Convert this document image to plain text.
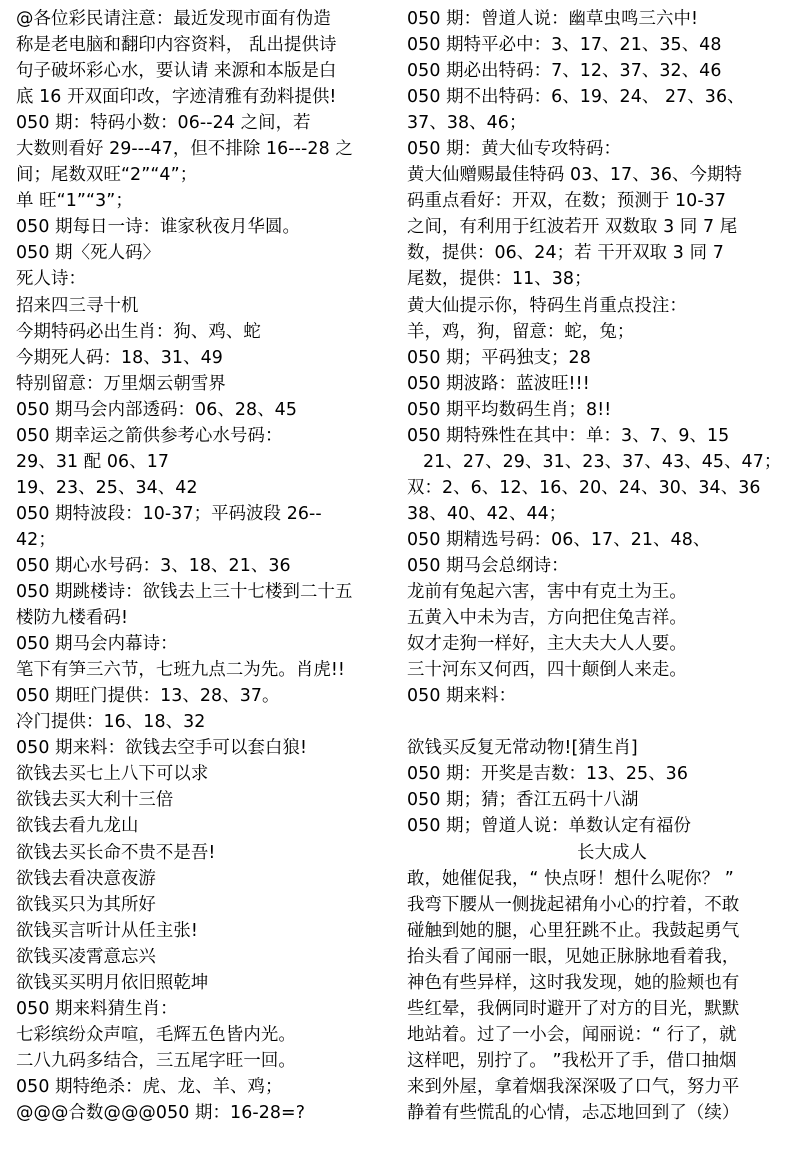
@各位彩民请注意：最近发现市面有伪造
称是老电脑和翻印内容资料， 乱出提供诗
句子破坏彩心水，要认请 来源和本版是白
底 16 开双面印改，字迹清雅有劲料提供!
050 期：特码小数：06--24 之间，若
大数则看好 29---47，但不排除 16---28 之
间；尾数双旺“2”“4”；
单 旺“1”“3”；
050 期每日一诗：谁家秋夜月华圆。
050 期〈死人码〉
死人诗：
招来四三寻十机
今期特码必出生肖：狗、鸡、蛇
今期死人码：18、31、49
特别留意：万里烟云朝雪界
050 期马会内部透码：06、28、45
050 期幸运之箭供参考心水号码：
29、31 配 06、17
19、23、25、34、42
050 期特波段：10-37；平码波段 26--
42；
050 期心水号码：3、18、21、36
050 期跳楼诗：欲钱去上三十七楼到二十五
楼防九楼看码!
050 期马会内幕诗：
笔下有笋三六节，七班九点二为先。肖虎!!
050 期旺门提供：13、28、37。
冷门提供：16、18、32
050 期来料：欲钱去空手可以套白狼!
欲钱去买七上八下可以求
欲钱去买大利十三倍
欲钱去看九龙山
欲钱去买长命不贵不是吾!
欲钱去看决意夜游
欲钱买只为其所好
欲钱买言听计从任主张!
欲钱买凌霄意忘兴
欲钱买买明月依旧照乾坤
050 期来料猜生肖：
七彩缤纷众声喧，毛辉五色皆内光。
二八九码多结合，三五尾字旺一回。
050 期特绝杀：虎、龙、羊、鸡；
@@@合数@@@050 期：16-28=?
050 期：曾道人说：幽草虫鸣三六中!
050 期特平必中：3、17、21、35、48
050 期必出特码：7、12、37、32、46
050 期不出特码：6、19、24、 27、36、
37、38、46；
050 期：黄大仙专攻特码：
黄大仙赠赐最佳特码 03、17、36、今期特
码重点看好：开双，在数；预测于 10-37
之间，有利用于红波若开 双数取 3 同 7 尾
数，提供：06、24；若 干开双取 3 同 7
尾数，提供：11、38；
黄大仙提示你，特码生肖重点投注：
羊，鸡，狗，留意：蛇，兔；
050 期；平码独支；28
050 期波路：蓝波旺!!!
050 期平均数码生肖；8!!
050 期特殊性在其中：单：3、7、9、15
21、27、29、31、23、37、43、45、47；
双：2、6、12、16、20、24、30、34、36
38、40、42、44；
050 期精选号码：06、17、21、48、
050 期马会总纲诗：
龙前有兔起六害，害中有克土为王。
五黄入中未为吉，方向把住兔吉祥。
奴才走狗一样好，主大夫大人人要。
三十河东又何西，四十颠倒人来走。
050 期来料：
欲钱买反复无常动物![猜生肖]
050 期：开奖是吉数：13、25、36
050 期；猜；香江五码十八湖
050 期；曾道人说：单数认定有福份
长大成人
敢，她催促我，“ 快点呀！想什么呢你？ ”
我弯下腰从一侧拢起裙角小心的拧着，不敢
碰触到她的腿，心里狂跳不止。我鼓起勇气
抬头看了闻丽一眼，见她正脉脉地看着我，
神色有些异样，这时我发现，她的脸颊也有
些红晕，我俩同时避开了对方的目光，默默
地站着。过了一小会，闻丽说：“ 行了，就
这样吧，别拧了。 ”我松开了手，借口抽烟
来到外屋，拿着烟我深深吸了口气，努力平
静着有些慌乱的心情，忐忑地回到了（续）
